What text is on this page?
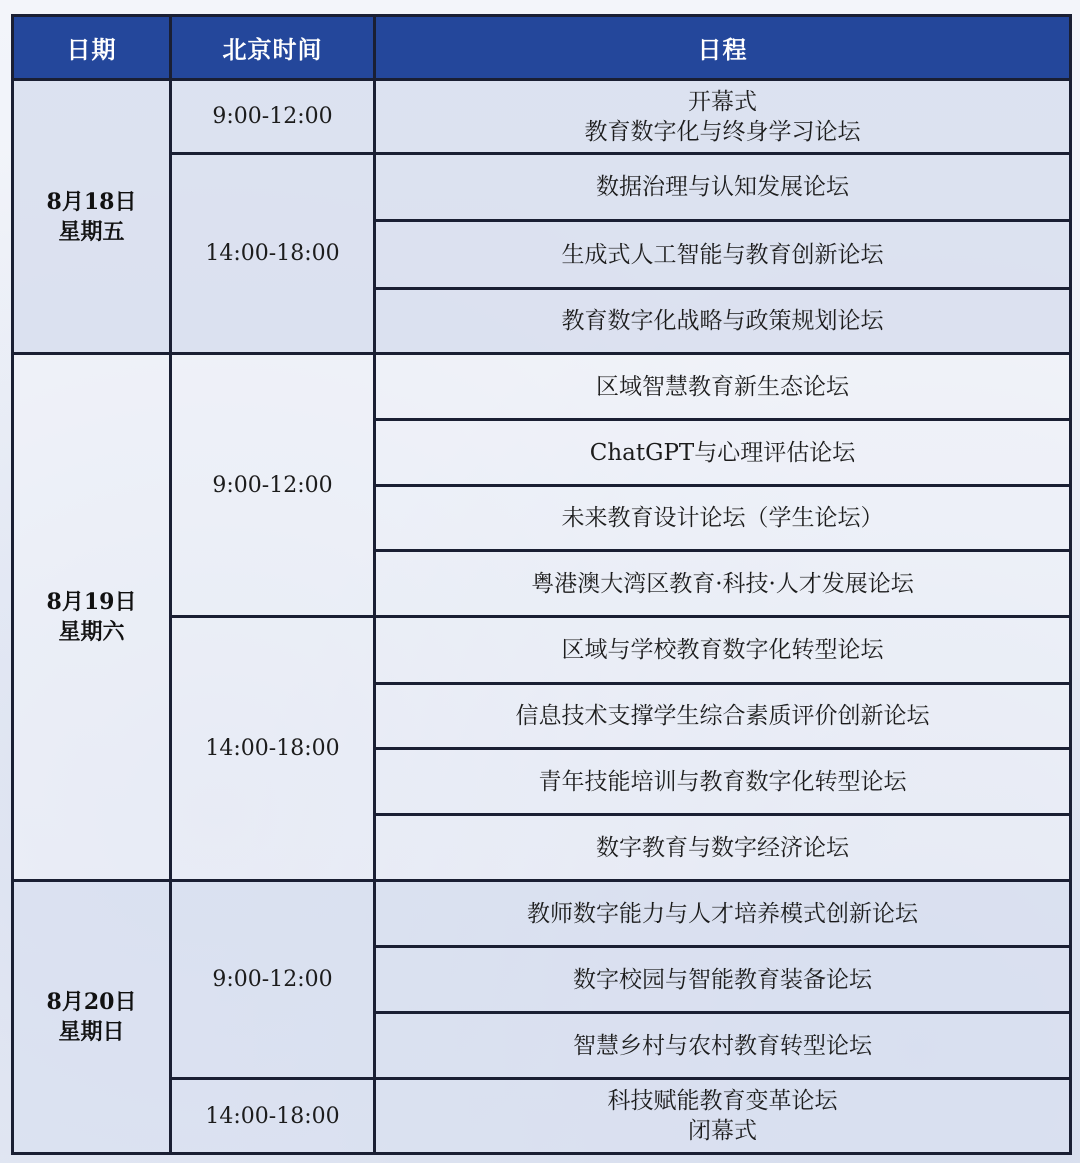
日期	北京时间	日程

8月18日
星期五	9:00-12:00	开幕式
教育数字化与终身学习论坛

	14:00-18:00	数据治理与认知发展论坛
		生成式人工智能与教育创新论坛
		教育数字化战略与政策规划论坛

8月19日
星期六	9:00-12:00	区域智慧教育新生态论坛
		ChatGPT与心理评估论坛
		未来教育设计论坛（学生论坛）
		粤港澳大湾区教育·科技·人才发展论坛
	14:00-18:00	区域与学校教育数字化转型论坛
		信息技术支撑学生综合素质评价创新论坛
		青年技能培训与教育数字化转型论坛
		数字教育与数字经济论坛

8月20日
星期日	9:00-12:00	教师数字能力与人才培养模式创新论坛
		数字校园与智能教育装备论坛
		智慧乡村与农村教育转型论坛
	14:00-18:00	科技赋能教育变革论坛
闭幕式
